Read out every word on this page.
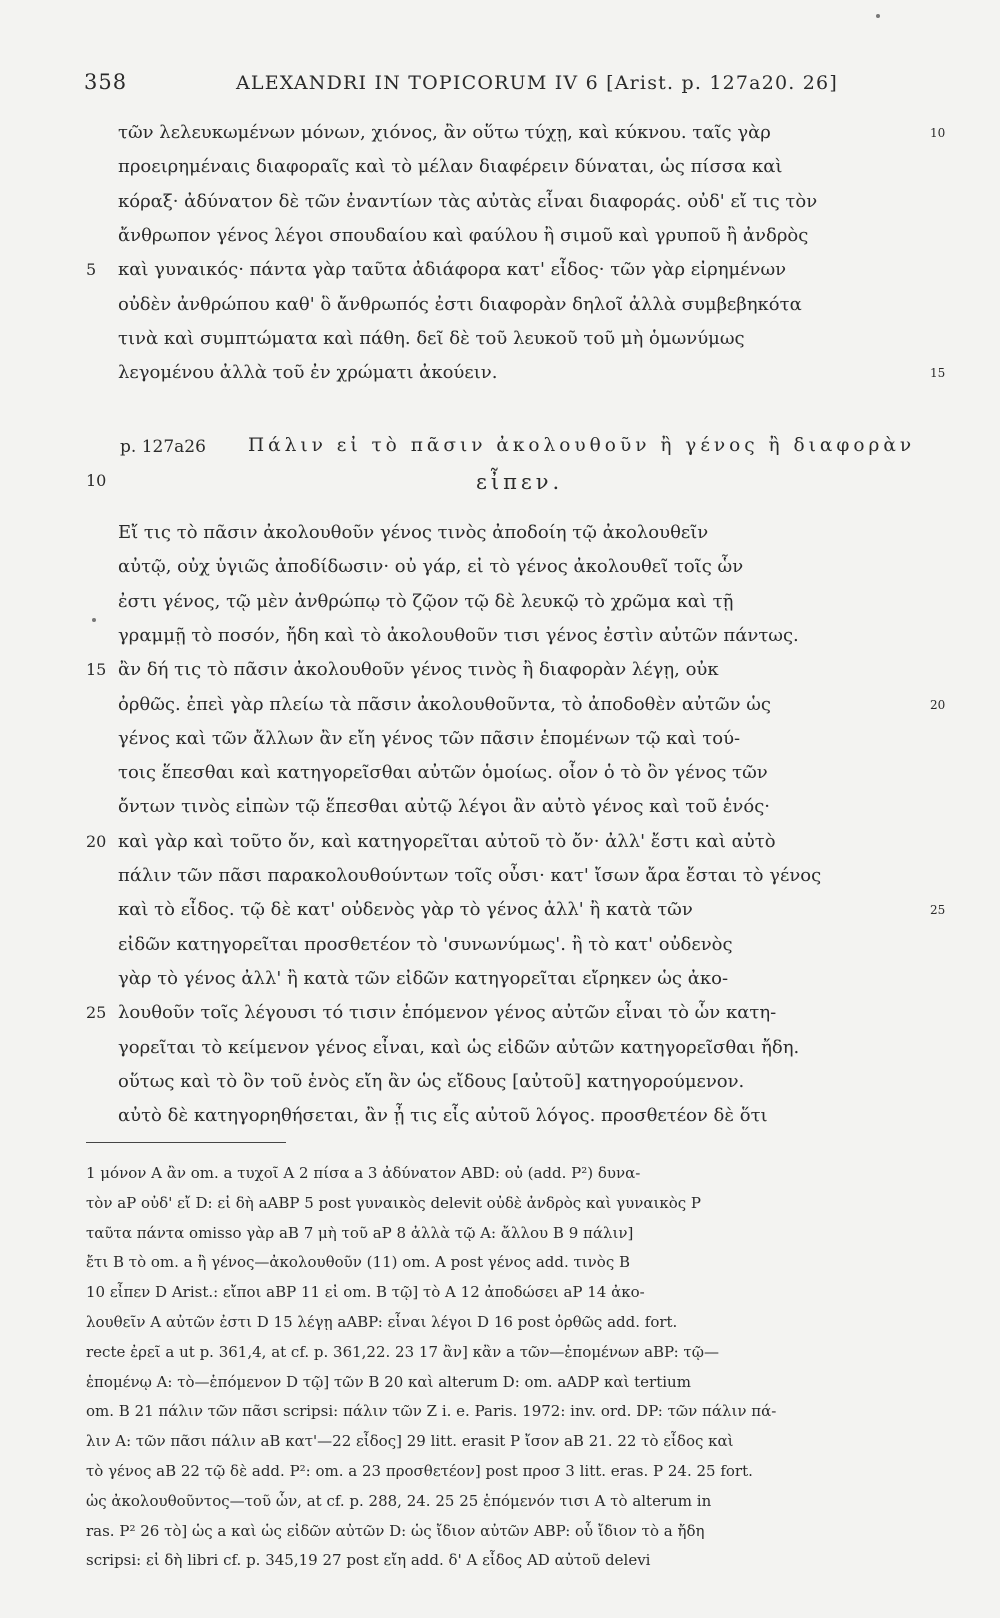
358	ALEXANDRI IN TOPICORUM IV 6 [Arist. p. 127a20. 26]
τῶν λελευκωμένων μόνων, χιόνος, ἂν οὕτω τύχῃ, καὶ κύκνου. ταῖς γὰρ	10
προειρημέναις διαφοραῖς καὶ τὸ μέλαν διαφέρειν δύναται, ὡς πίσσα καὶ
κόραξ· ἀδύνατον δὲ τῶν ἐναντίων τὰς αὐτὰς εἶναι διαφοράς. οὐδ' εἴ τις τὸν
ἄνθρωπον γένος λέγοι σπουδαίου καὶ φαύλου ἢ σιμοῦ καὶ γρυποῦ ἢ ἀνδρὸς
καὶ γυναικός· πάντα γὰρ ταῦτα ἀδιάφορα κατ' εἶδος· τῶν γὰρ εἰρημένων
5
οὐδὲν ἀνθρώπου καθ' ὃ ἄνθρωπός ἐστι διαφορὰν δηλοῖ ἀλλὰ συμβεβηκότα
τινὰ καὶ συμπτώματα καὶ πάθη. δεῖ δὲ τοῦ λευκοῦ τοῦ μὴ ὁμωνύμως
λεγομένου ἀλλὰ τοῦ ἐν χρώματι ἀκούειν.	15
p. 127a26 Πάλιν εἰ τὸ πᾶσιν ἀκολουθοῦν ἢ γένος ἢ διαφορὰν
10	εἶπεν.
Εἴ τις τὸ πᾶσιν ἀκολουθοῦν γένος τινὸς ἀποδοίη τῷ ἀκολουθεῖν
αὐτῷ, οὐχ ὑγιῶς ἀποδίδωσιν· οὐ γάρ, εἰ τὸ γένος ἀκολουθεῖ τοῖς ὧν
ἐστι γένος, τῷ μὲν ἀνθρώπῳ τὸ ζῷον τῷ δὲ λευκῷ τὸ χρῶμα καὶ τῇ
γραμμῇ τὸ ποσόν, ἤδη καὶ τὸ ἀκολουθοῦν τισι γένος ἐστὶν αὐτῶν πάντως.
ἂν δή τις τὸ πᾶσιν ἀκολουθοῦν γένος τινὸς ἢ διαφορὰν λέγῃ, οὐκ
15
ὀρθῶς. ἐπεὶ γὰρ πλείω τὰ πᾶσιν ἀκολουθοῦντα, τὸ ἀποδοθὲν αὐτῶν ὡς	20
γένος καὶ τῶν ἄλλων ἂν εἴη γένος τῶν πᾶσιν ἑπομένων τῷ καὶ τού-
τοις ἕπεσθαι καὶ κατηγορεῖσθαι αὐτῶν ὁμοίως. οἷον ὁ τὸ ὂν γένος τῶν
ὄντων τινὸς εἰπὼν τῷ ἕπεσθαι αὐτῷ λέγοι ἂν αὐτὸ γένος καὶ τοῦ ἑνός·
καὶ γὰρ καὶ τοῦτο ὄν, καὶ κατηγορεῖται αὐτοῦ τὸ ὄν· ἀλλ' ἔστι καὶ αὐτὸ
20
πάλιν τῶν πᾶσι παρακολουθούντων τοῖς οὖσι· κατ' ἴσων ἄρα ἔσται τὸ γένος
καὶ τὸ εἶδος. τῷ δὲ κατ' οὐδενὸς γὰρ τὸ γένος ἀλλ' ἢ κατὰ τῶν	25
εἰδῶν κατηγορεῖται προσθετέον τὸ 'συνωνύμως'. ἢ τὸ κατ' οὐδενὸς
γὰρ τὸ γένος ἀλλ' ἢ κατὰ τῶν εἰδῶν κατηγορεῖται εἴρηκεν ὡς ἀκο-
λουθοῦν τοῖς λέγουσι τό τισιν ἑπόμενον γένος αὐτῶν εἶναι τὸ ὧν κατη-
25
γορεῖται τὸ κείμενον γένος εἶναι, καὶ ὡς εἰδῶν αὐτῶν κατηγορεῖσθαι ἤδη.
οὕτως καὶ τὸ ὂν τοῦ ἑνὸς εἴη ἂν ὡς εἴδους [αὐτοῦ] κατηγορούμενον.
αὐτὸ δὲ κατηγορηθήσεται, ἂν ᾖ τις εἷς αὐτοῦ λόγος. προσθετέον δὲ ὅτι
1 μόνον A ἂν om. a τυχοῖ A 2 πίσα a 3 ἀδύνατον ABD: οὐ (add. P²) δυνα-
τὸν aP οὐδ' εἴ D: εἰ δὴ aABP 5 post γυναικὸς delevit οὐδὲ ἀνδρὸς καὶ γυναικὸς P
ταῦτα πάντα omisso γὰρ aB 7 μὴ τοῦ aP 8 ἀλλὰ τῷ A: ἄλλου B 9 πάλιν]
ἔτι B τὸ om. a ἢ γένος—ἀκολουθοῦν (11) om. A post γένος add. τινὸς B
10 εἶπεν D Arist.: εἴποι aBP 11 εἰ om. B τῷ] τὸ A 12 ἀποδώσει aP 14 ἀκο-
λουθεῖν A αὐτῶν ἐστι D 15 λέγῃ aABP: εἶναι λέγοι D 16 post ὀρθῶς add. fort.
recte ἐρεῖ a ut p. 361,4, at cf. p. 361,22. 23 17 ἂν] κἂν a τῶν—ἑπομένων aBP: τῷ—
ἑπομένῳ A: τὸ—ἑπόμενον D τῷ] τῶν B 20 καὶ alterum D: om. aADP καὶ tertium
om. B 21 πάλιν τῶν πᾶσι scripsi: πάλιν τῶν Z i. e. Paris. 1972: inv. ord. DP: τῶν πάλιν πά-
λιν A: τῶν πᾶσι πάλιν aB κατ'—22 εἶδος] 29 litt. erasit P ἴσον aB 21. 22 τὸ εἶδος καὶ
τὸ γένος aB 22 τῷ δὲ add. P²: om. a 23 προσθετέον] post προσ 3 litt. eras. P 24. 25 fort.
ὡς ἀκολουθοῦντος—τοῦ ὧν, at cf. p. 288, 24. 25 25 ἑπόμενόν τισι A τὸ alterum in
ras. P² 26 τὸ] ὡς a καὶ ὡς εἰδῶν αὐτῶν D: ὡς ἴδιον αὐτῶν ABP: οὗ ἴδιον τὸ a ἤδη
scripsi: εἰ δὴ libri cf. p. 345,19 27 post εἴη add. δ' A εἶδος AD αὐτοῦ delevi
